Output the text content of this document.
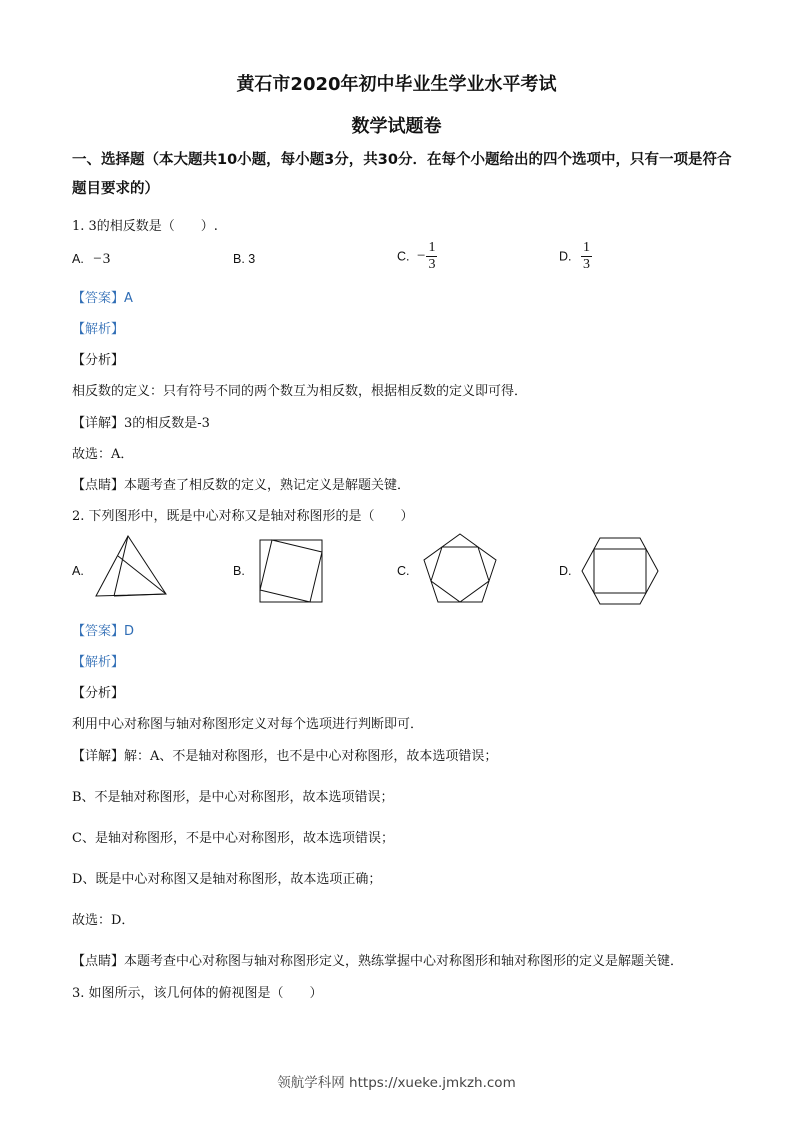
黄石市2020年初中毕业生学业水平考试
数学试题卷
一、选择题（本大题共10小题，每小题3分，共30分．在每个小题给出的四个选项中，只有一项是符合题目要求的）
1. 3的相反数是（　　）.
A. −3	B. 3	C. − $\frac{1}{3}$	D. $\frac{1}{3}$
【答案】A
【解析】
【分析】
相反数的定义：只有符号不同的两个数互为相反数，根据相反数的定义即可得．
【详解】3的相反数是-3
故选：A．
【点睛】本题考查了相反数的定义，熟记定义是解题关键．
2. 下列图形中，既是中心对称又是轴对称图形的是（　　）
A.	B.	C.	D.
【答案】D
【解析】
【分析】
利用中心对称图与轴对称图形定义对每个选项进行判断即可．
【详解】解：A、不是轴对称图形，也不是中心对称图形，故本选项错误；
B、不是轴对称图形，是中心对称图形，故本选项错误；
C、是轴对称图形，不是中心对称图形，故本选项错误；
D、既是中心对称图又是轴对称图形，故本选项正确；
故选：D．
【点睛】本题考查中心对称图与轴对称图形定义，熟练掌握中心对称图形和轴对称图形的定义是解题关键．
3. 如图所示，该几何体的俯视图是（　　）
领航学科网 https://xueke.jmkzh.com
